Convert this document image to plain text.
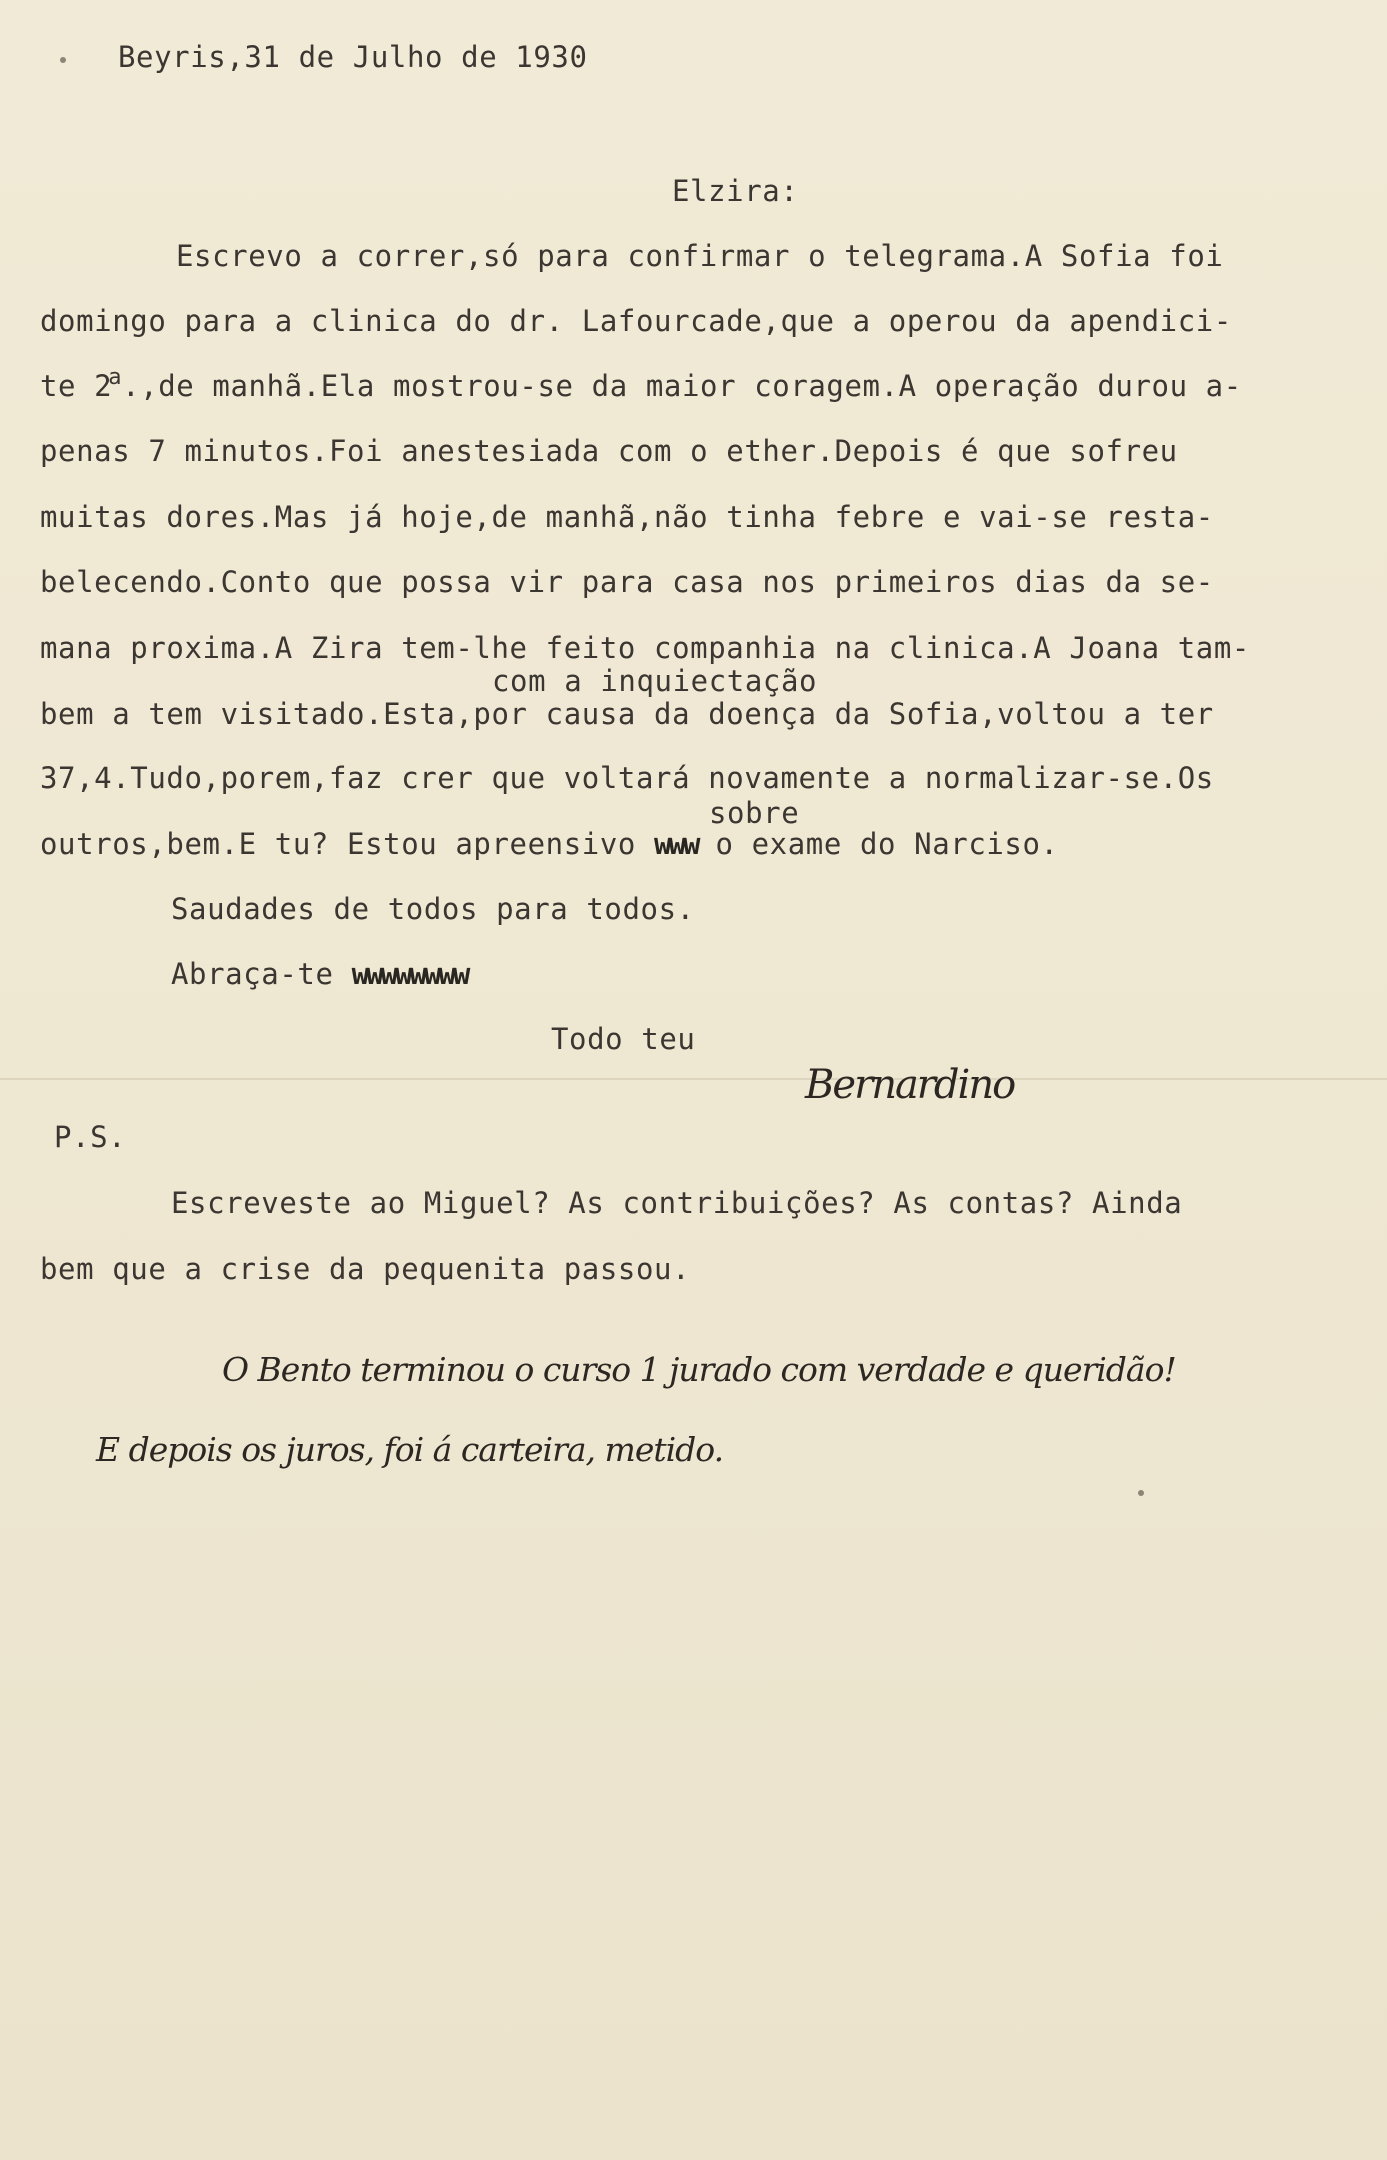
Beyris,31 de Julho de 1930
Elzira:
Escrevo a correr,só para confirmar o telegrama.A Sofia foi
domingo para a clinica do dr. Lafourcade,que a operou da apendici-
te 2$^a$.,de manhã.Ela mostrou-se da maior coragem.A operação durou a-
penas 7 minutos.Foi anestesiada com o ether.Depois é que sofreu
muitas dores.Mas já hoje,de manhã,não tinha febre e vai-se resta-
belecendo.Conto que possa vir para casa nos primeiros dias da se-
mana proxima.A Zira tem-lhe feito companhia na clinica.A Joana tam-
com a inquiectação
bem a tem visitado.Esta,por causa da doença da Sofia,voltou a ter
37,4.Tudo,porem,faz crer que voltará novamente a normalizar-se.Os
sobre
outros,bem.E tu? Estou apreensivo www o exame do Narciso.
Saudades de todos para todos.
Abraça-te wwwwwwww
Todo teu
Bernardino
P.S.
Escreveste ao Miguel? As contribuições? As contas? Ainda
bem que a crise da pequenita passou.
O Bento terminou o curso 1 jurado com verdade e queridão!
E depois os juros, foi á carteira, metido.
